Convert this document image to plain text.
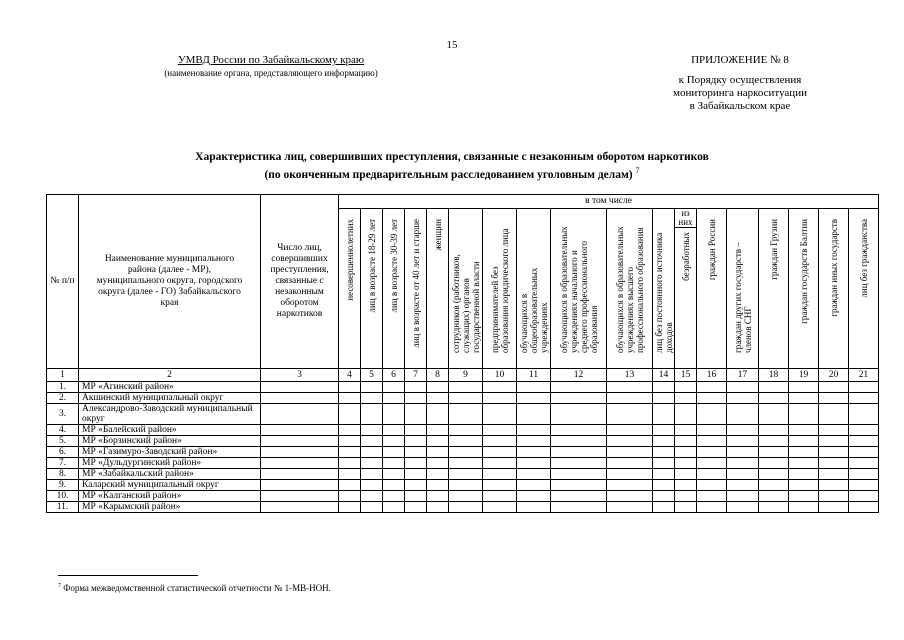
15
УМВД России по Забайкальскому краю
(наименование органа, представляющего информацию)
ПРИЛОЖЕНИЕ № 8
к Порядку осуществления
мониторинга наркоситуации
в Забайкальском крае
Характеристика лиц, совершивших преступления, связанные с незаконным оборотом наркотиков
(по оконченным предварительным расследованием уголовным делам) $^7$
№ п/п	Наименование муниципального района (далее - МР), муниципального округа, городского округа (далее - ГО) Забайкальского края	Число лиц, совершивших преступления, связанные с незаконным оборотом наркотиков	в том числе																	

			несовершеннолетних	лиц в возрасте 18-29 лет	лиц в возрасте 30-39 лет	лиц в возрасте от 40 лет и старше	женщин	сотрудников (работников, служащих) органов государственной власти	предпринимателей без образования юридического лица	обучающихся в общеобразовательных учреждениях	обучающихся в образовательных учреждениях начального и среднего профессионального образования	обучающихся в образовательных учреждениях высшего профессионального образования	лиц без постоянного источника доходов	из них	граждан России	граждан других государств – членов СНГ	граждан Грузии	граждан государств Балтии	граждан иных государств	лиц без гражданства

														безработных						

1	2	3	4	5	6	7	8	9	10	11	12	13	14	15	16	17	18	19	20	21
1.	МР «Агинский район»																			
2.	Акшинский муниципальный округ																			
3.	Александрово-Заводский муниципальный округ																			
4.	МР «Балейский район»																			
5.	МР «Борзинский район»																			
6.	МР «Газимуро-Заводский район»																			
7.	МР «Дульдургинский район»																			
8.	МР «Забайкальский район»																			
9.	Каларский муниципальный округ																			
10.	МР «Калганский район»																			
11.	МР «Карымский район»																			
$^7$ Форма межведомственной статистической отчетности № 1-МВ-НОН.
